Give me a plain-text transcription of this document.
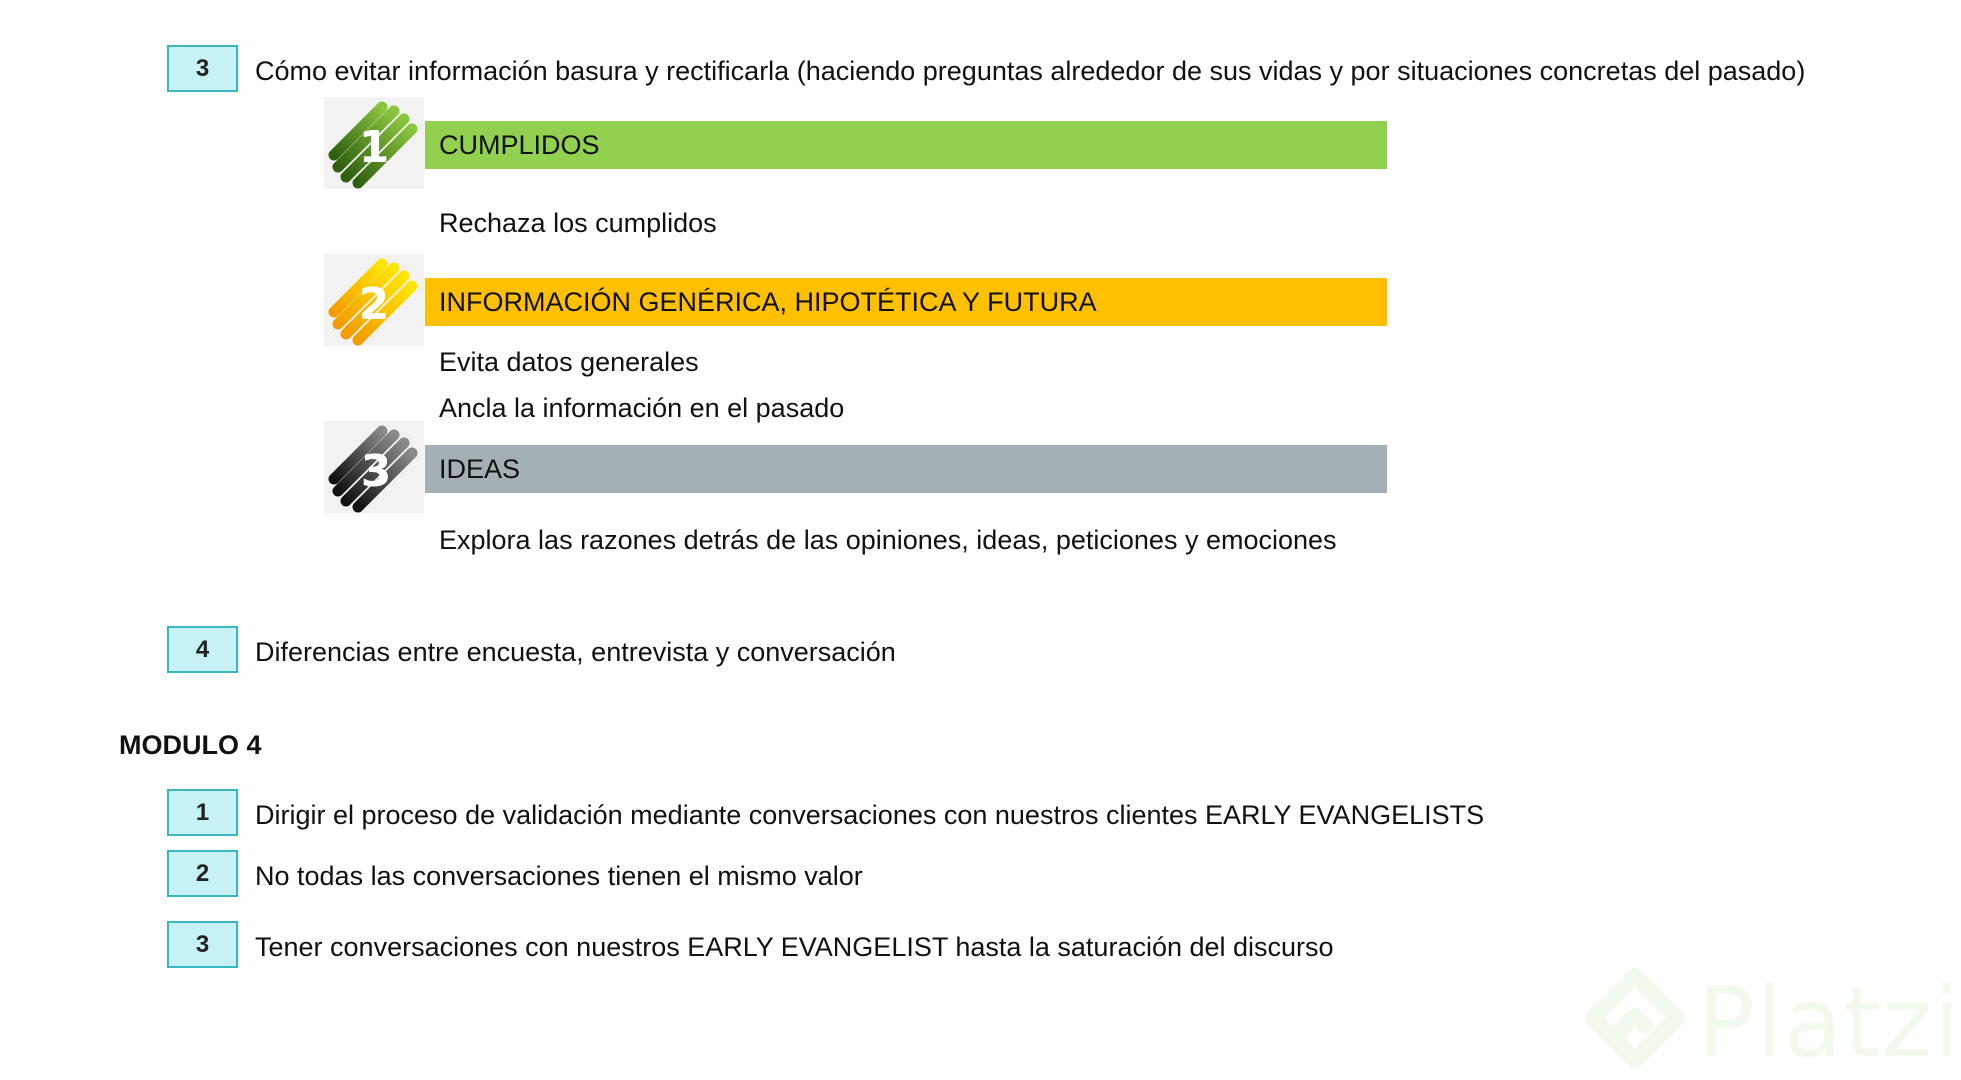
3 Cómo evitar información basura y rectificarla (haciendo preguntas alrededor de sus vidas y por situaciones concretas del pasado)
1	CUMPLIDOS
Rechaza los cumplidos
2	INFORMACIÓN GENÉRICA, HIPOTÉTICA Y FUTURA
Evita datos generales
Ancla la información en el pasado
3	IDEAS
Explora las razones detrás de las opiniones, ideas, peticiones y emociones
4 Diferencias entre encuesta, entrevista y conversación
MODULO 4
1 Dirigir el proceso de validación mediante conversaciones con nuestros clientes EARLY EVANGELISTS
2 No todas las conversaciones tienen el mismo valor
3 Tener conversaciones con nuestros EARLY EVANGELIST hasta la saturación del discurso
Platzi
